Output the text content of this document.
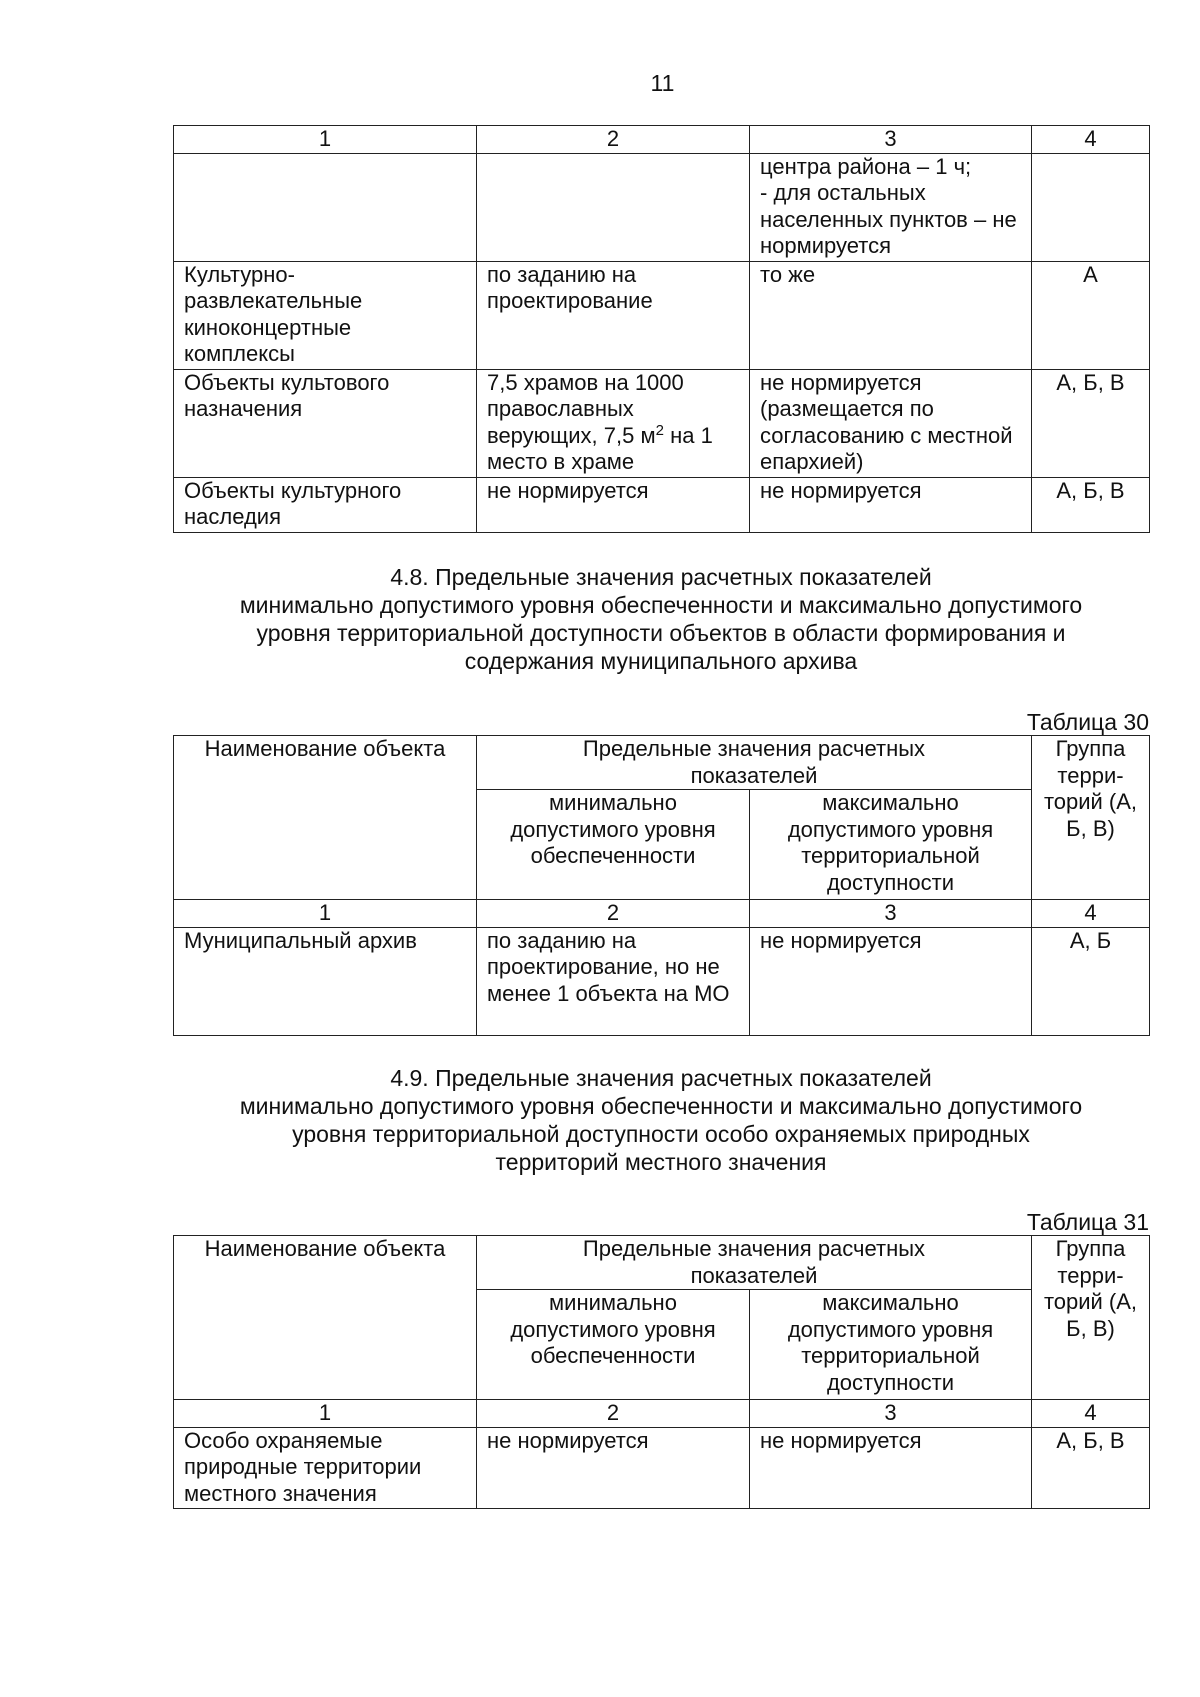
11
1	2	3	4
		центра района – 1 ч;
- для остальных населенных пунктов – не нормируется	
Культурно-развлекательные киноконцертные комплексы	по заданию на проектирование	то же	А
Объекты культового назначения	7,5 храмов на 1000 православных верующих, 7,5 $м^2$ на 1 место в храме	не нормируется (размещается по согласованию с местной епархией)	А, Б, В
Объекты культурного наследия	не нормируется	не нормируется	А, Б, В
4.8. Предельные значения расчетных показателей
минимально допустимого уровня обеспеченности и максимально допустимого
уровня территориальной доступности объектов в области формирования и
содержания муниципального архива
Таблица 30
Наименование объекта	Предельные значения расчетных показателей		Группа терри-торий (А, Б, В)
	минимально допустимого уровня обеспеченности	максимально допустимого уровня территориальной доступности	
1	2	3	4
Муниципальный архив	по заданию на проектирование, но не менее 1 объекта на МО	не нормируется	А, Б
4.9. Предельные значения расчетных показателей
минимально допустимого уровня обеспеченности и максимально допустимого
уровня территориальной доступности особо охраняемых природных
территорий местного значения
Таблица 31
Наименование объекта	Предельные значения расчетных показателей		Группа терри-торий (А, Б, В)
	минимально допустимого уровня обеспеченности	максимально допустимого уровня территориальной доступности	
1	2	3	4
Особо охраняемые природные территории местного значения	не нормируется	не нормируется	А, Б, В
